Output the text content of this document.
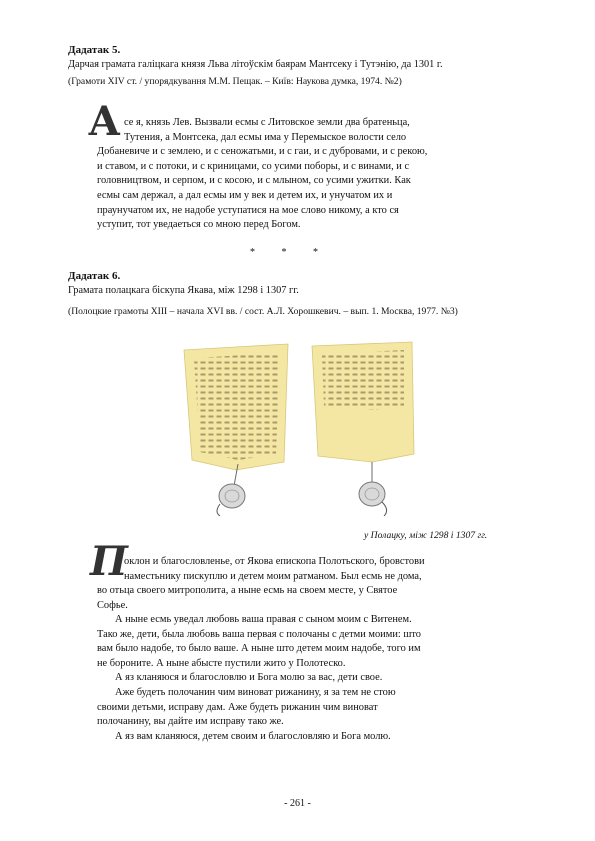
Дадатак 5.
Дарчая грамата галіцкага князя Льва літоўскім баярам Мантсеку і Тутэнію, да 1301 г.
(Грамоти XIV ст. / упорядкування М.М. Пещак. – Київ: Наукова думка, 1974. №2)
А се я, князь Лев. Вызвали есмы с Литовское земли два братеньца,
Тутения, а Монтсека, дал есмы има у Перемыское волости село
Добаневиче и с землею, и с сеножатьми, и с гаи, и с дубровами, и с рекою,
и ставом, и с потоки, и с криницами, со усими поборы, и с винами, и с
головництвом, и серпом, и с косою, и с млыном, со усими ужитки. Как
есмы сам держал, а дал есмы им у век и детем их, и унучатом их и
праунучатом их, не надобе уступатися на мое слово никому, а кто ся
уступит, тот уведаеться со мною перед Богом.
* * *
Дадатак 6.
Грамата полацкага біскупа Якава, між 1298 і 1307 гг.
(Полоцкие грамоты XIII – начала XVI вв. / сост. А.Л. Хорошкевич. – вып. 1. Москва, 1977. №3)
у Полацку, між 1298 і 1307 гг.
П
оклон и благословленье, от Якова епископа Полотьского, бровстови
наместьнику пискуплю и детем моим ратманом. Был есмь не дома,
во отьца своего митрополита, а ныне есмь на своем месте, у Святое
Софье.
А ныне есмь уведал любовь ваша правая с сыном моим с Витенем.
Тако же, дети, была любовь ваша первая с полочаны с детми моими: што
вам было надобе, то было ваше. А ныне што детем моим надобе, того им
не бороните. А ныне абысте пустили жито у Полотеско.
А яз кланяюся и благословлю и Бога молю за вас, дети свое.
Аже будеть полочанин чим виноват рижанину, я за тем не стою
своими детьми, исправу дам. Аже будеть рижанин чим виноват
полочанину, вы дайте им исправу тако же.
А яз вам кланяюся, детем своим и благословляю и Бога молю.
- 261 -
